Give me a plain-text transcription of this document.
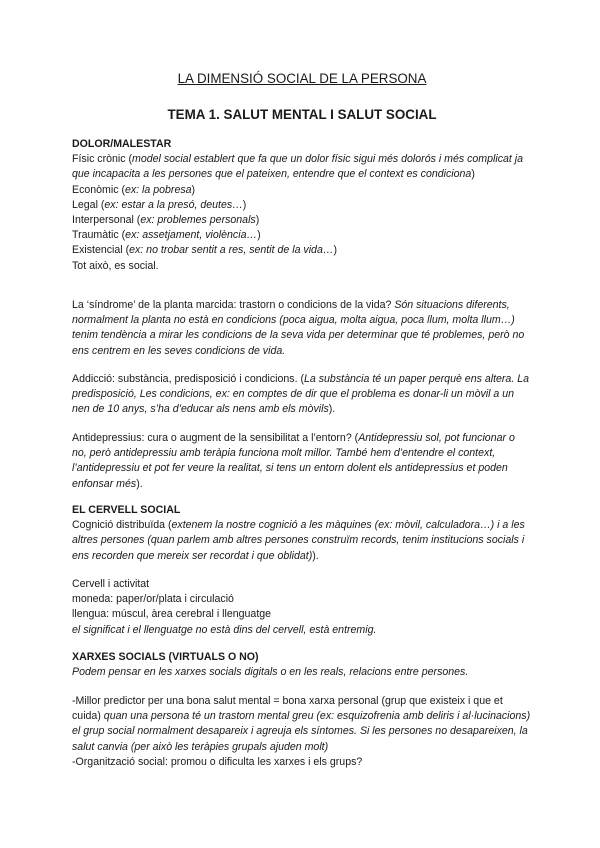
LA DIMENSIÓ SOCIAL DE LA PERSONA
TEMA 1. SALUT MENTAL I SALUT SOCIAL

DOLOR/MALESTAR

Físic crònic (model social establert que fa que un dolor físic sigui més dolorós i més complicat ja que incapacita a les persones que el pateixen, entendre que el context es condiciona)

Econòmic (ex: la pobresa)

Legal (ex: estar a la presó, deutes…)

Interpersonal (ex: problemes personals)

Traumàtic (ex: assetjament, violència…)

Existencial (ex: no trobar sentit a res, sentit de la vida…)

Tot això, es social.

La ‘síndrome’ de la planta marcida: trastorn o condicions de la vida? Són situacions diferents, normalment la planta no està en condicions (poca aigua, molta aigua, poca llum, molta llum…) tenim tendència a mirar les condicions de la seva vida per determinar que té problemes, però no ens centrem en les seves condicions de vida.

Addicció: substància, predisposició i condicions. (La substància té un paper perquè ens altera. La predisposició, Les condicions, ex: en comptes de dir que el problema es donar-li un mòvil a un nen de 10 anys, s’ha d’educar als nens amb els mòvils).

Antidepressius: cura o augment de la sensibilitat a l’entorn? (Antidepressiu sol, pot funcionar o no, però antidepressiu amb teràpia funciona molt millor. També hem d’entendre el context, l’antidepressiu et pot fer veure la realitat, si tens un entorn dolent els antidepressius et poden enfonsar més).

EL CERVELL SOCIAL

Cognició distribuïda (extenem la nostre cognició a les màquines (ex: mòvil, calculadora…) i a les altres persones (quan parlem amb altres persones construïm records, tenim institucions socials i ens recorden que mereix ser recordat i que oblidat)).

Cervell i activitat

moneda: paper/or/plata i circulació

llengua: múscul, àrea cerebral i llenguatge

el significat i el llenguatge no està dins del cervell, està entremig.

XARXES SOCIALS (VIRTUALS O NO)

Podem pensar en les xarxes socials digitals o en les reals, relacions entre persones.

-Millor predictor per una bona salut mental = bona xarxa personal (grup que existeix i que et cuida) quan una persona té un trastorn mental greu (ex: esquizofrenia amb deliris i al·lucinacions) el grup social normalment desapareix i agreuja els síntomes. Si les persones no desapareixen, la salut canvia (per això les teràpies grupals ajuden molt)

-Organització social: promou o dificulta les xarxes i els grups?
